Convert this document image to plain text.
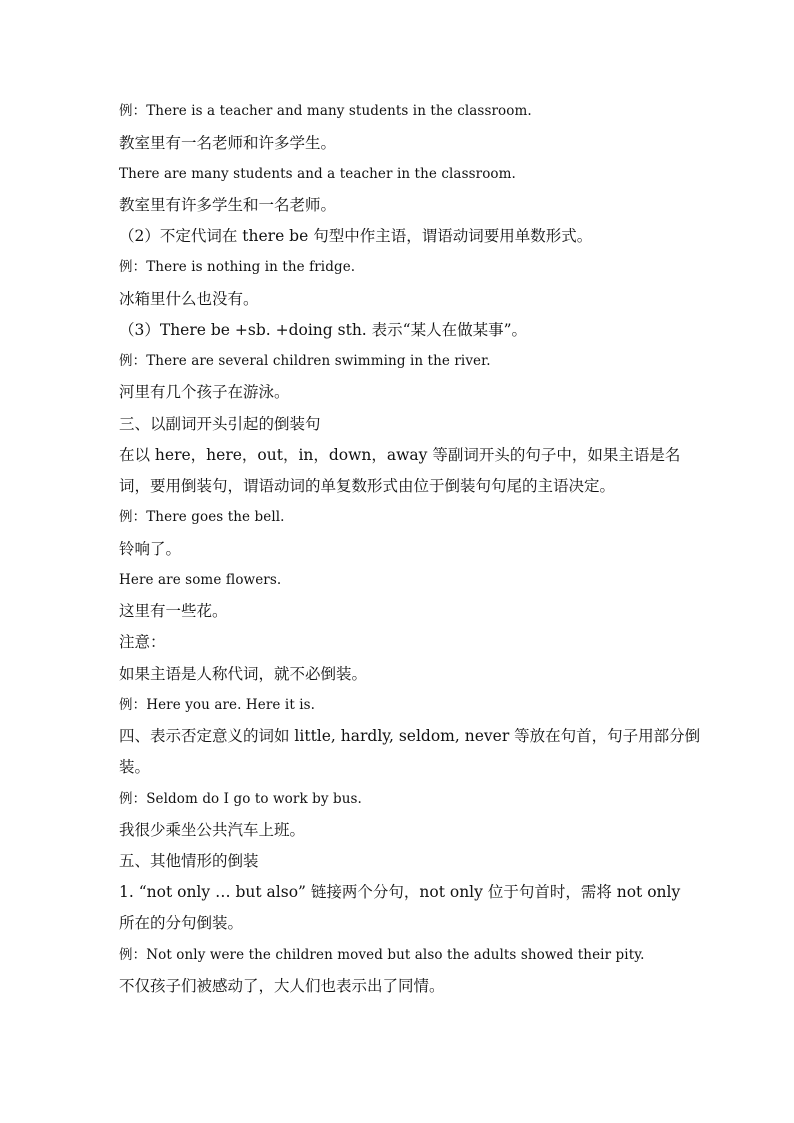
例：There is a teacher and many students in the classroom.
教室里有一名老师和许多学生。
There are many students and a teacher in the classroom.
教室里有许多学生和一名老师。
（2）不定代词在 there be 句型中作主语，谓语动词要用单数形式。
例：There is nothing in the fridge.
冰箱里什么也没有。
（3）There be +sb. +doing sth. 表示“某人在做某事”。
例：There are several children swimming in the river.
河里有几个孩子在游泳。
三、以副词开头引起的倒装句
在以 here，here，out，in，down，away 等副词开头的句子中，如果主语是名
词，要用倒装句，谓语动词的单复数形式由位于倒装句句尾的主语决定。
例：There goes the bell.
铃响了。
Here are some flowers.
这里有一些花。
注意：
如果主语是人称代词，就不必倒装。
例：Here you are. Here it is.
四、表示否定意义的词如 little, hardly, seldom, never 等放在句首，句子用部分倒
装。
例：Seldom do I go to work by bus.
我很少乘坐公共汽车上班。
五、其他情形的倒装
1. “not only … but also” 链接两个分句，not only 位于句首时，需将 not only
所在的分句倒装。
例：Not only were the children moved but also the adults showed their pity.
不仅孩子们被感动了，大人们也表示出了同情。
